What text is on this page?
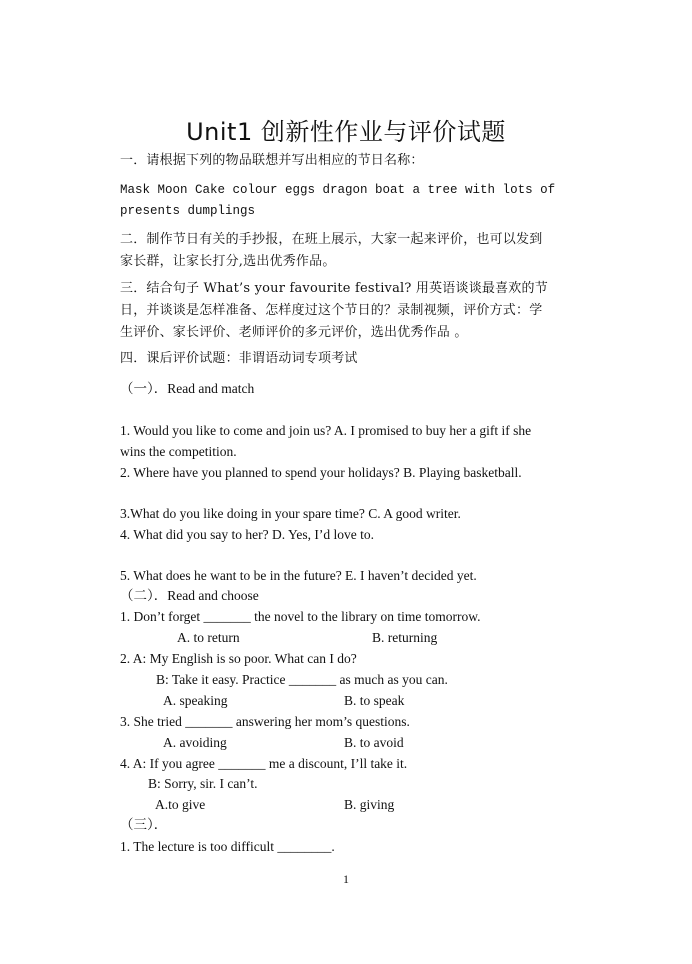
Unit1 创新性作业与评价试题
一．请根据下列的物品联想并写出相应的节日名称：
Mask Moon Cake colour eggs dragon boat a tree with lots of
presents dumplings
二．制作节日有关的手抄报，在班上展示，大家一起来评价，也可以发到
家长群，让家长打分,选出优秀作品。
三．结合句子 What’s your favourite festival? 用英语谈谈最喜欢的节
日，并谈谈是怎样准备、怎样度过这个节日的？录制视频，评价方式：学
生评价、家长评价、老师评价的多元评价，选出优秀作品 。
四．课后评价试题：非谓语动词专项考试
（一）．Read and match
1. Would you like to come and join us? A. I promised to buy her a gift if she
wins the competition.
2. Where have you planned to spend your holidays? B. Playing basketball.
3.What do you like doing in your spare time? C. A good writer.
4. What did you say to her? D. Yes, I’d love to.
5. What does he want to be in the future? E. I haven’t decided yet.
（二）．Read and choose
1. Don’t forget _______ the novel to the library on time tomorrow.
A. to return	B. returning
2. A: My English is so poor. What can I do?
B: Take it easy. Practice _______ as much as you can.
A. speaking	B. to speak
3. She tried _______ answering her mom’s questions.
A. avoiding	B. to avoid
4. A: If you agree _______ me a discount, I’ll take it.
B: Sorry, sir. I can’t.
A.to give	B. giving
（三）．
1. The lecture is too difficult ________.
1
